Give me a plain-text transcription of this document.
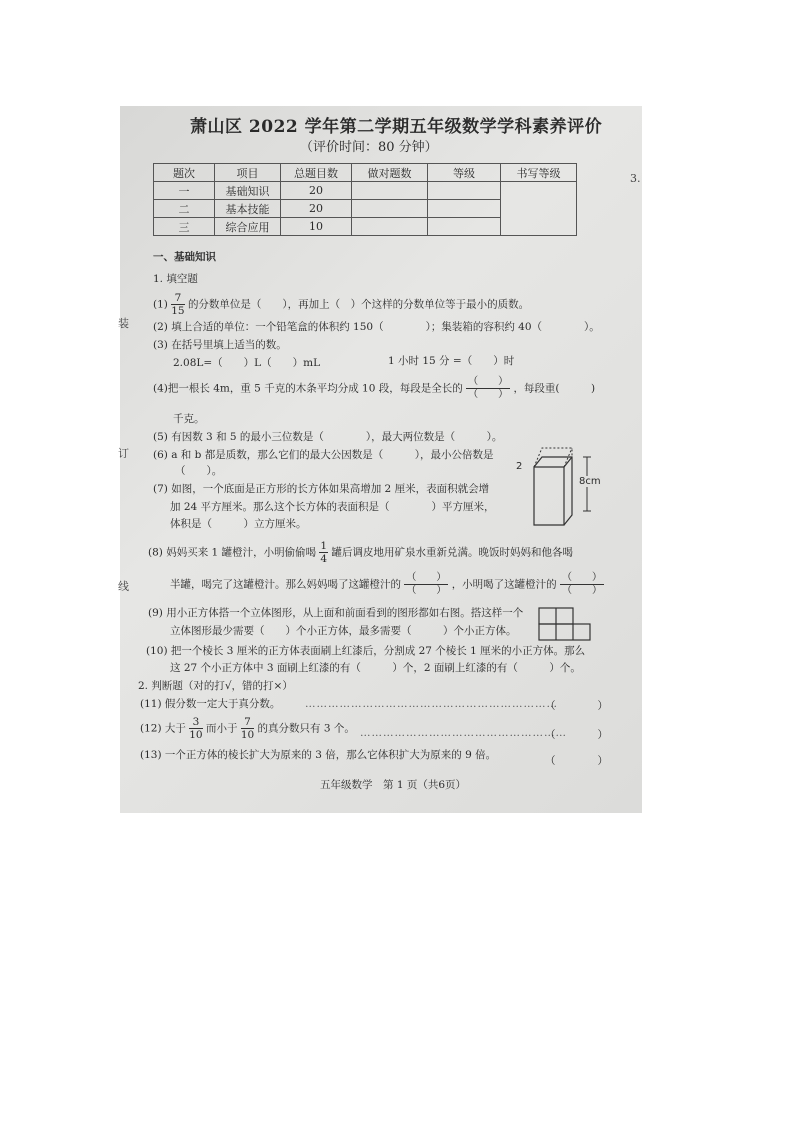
萧山区 2022 学年第二学期五年级数学学科素养评价
（评价时间：80 分钟）
题次	项目	总题目数	做对题数	等级	书写等级
一	基础知识	20			
二	基本技能	20			
三	综合应用	10			
一、基础知识
1. 填空题
$(1) \frac{7}{15}$ 的分数单位是（　　），再加上（　）个这样的分数单位等于最小的质数。
(2) 填上合适的单位：一个铅笔盒的体积约 150（　　　　）；集装箱的容积约 40（　　　　）。
(3) 在括号里填上适当的数。
2.08L=（　　）L（　　）mL	1 小时 15 分 =（　　）时
(4)把一根长 4m，重 5 千克的木条平均分成 10 段，每段是全长的 $\frac{( )}{( )}$ ，每段重(　　　)
千克。
(5) 有因数 3 和 5 的最小三位数是（　　　　），最大两位数是（　　　）。
(6) a 和 b 都是质数，那么它们的最大公因数是（　　　），最小公倍数是
（　　）。
(7) 如图，一个底面是正方形的长方体如果高增加 2 厘米，表面积就会增
加 24 平方厘米。那么这个长方体的表面积是（　　　　）平方厘米，
体积是（　　　）立方厘米。
2
8cm
(8) 妈妈买来 1 罐橙汁，小明偷偷喝 $\frac{1}{4}$ 罐后调皮地用矿泉水重新兑满。晚饭时妈妈和他各喝
半罐，喝完了这罐橙汁。那么妈妈喝了这罐橙汁的 $\frac{( )}{( )}$ ，小明喝了这罐橙汁的 $\frac{( )}{( )}$
(9) 用小正方体搭一个立体图形，从上面和前面看到的图形都如右图。搭这样一个
立体图形最少需要（　　）个小正方体，最多需要（　　　）个小正方体。
(10) 把一个棱长 3 厘米的正方体表面刷上红漆后，分割成 27 个棱长 1 厘米的小正方体。那么
这 27 个小正方体中 3 面刷上红漆的有（　　　）个，2 面刷上红漆的有（　　　）个。
2. 判断题（对的打√，错的打×）
(11) 假分数一定大于真分数。 …………………………………………………………
（　　　　）
(12) 大于 $\frac{3}{10}$ 而小于 $\frac{7}{10}$ 的真分数只有 3 个。 ………………………………………………
（　　　　）
(13) 一个正方体的棱长扩大为原来的 3 倍，那么它体积扩大为原来的 9 倍。	（　　　　）
五年级数学　第 1 页（共6页）
装
订
线
3.
